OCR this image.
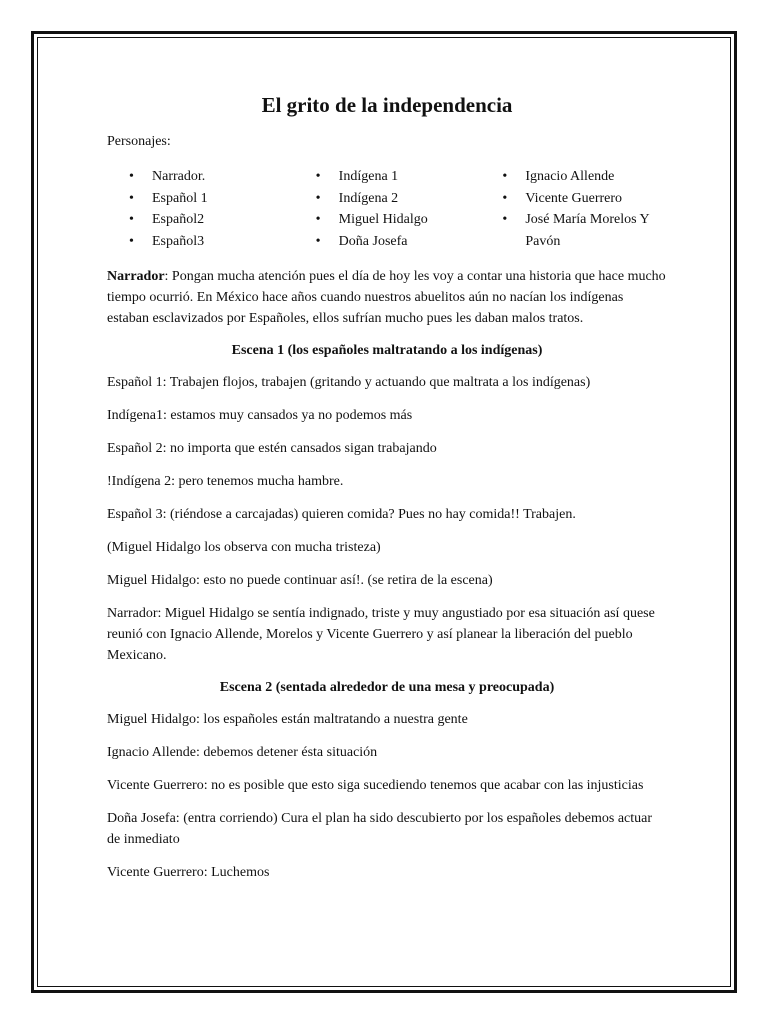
El grito de la independencia

Personajes:

• Narrador.
• Español 1
• Español2
• Español3
• Indígena 1
• Indígena 2
• Miguel Hidalgo
• Doña Josefa
• Ignacio Allende
• Vicente Guerrero
• José María Morelos Y Pavón

Narrador: Pongan mucha atención pues el día de hoy les voy a contar una historia que hace mucho tiempo ocurrió. En México hace años cuando nuestros abuelitos aún no nacían los indígenas estaban esclavizados por Españoles, ellos sufrían mucho pues les daban malos tratos.

Escena 1 (los españoles maltratando a los indígenas)

Español 1: Trabajen flojos, trabajen (gritando y actuando que maltrata a los indígenas)

Indígena1: estamos muy cansados ya no podemos más

Español 2: no importa que estén cansados sigan trabajando

!Indígena 2: pero tenemos mucha hambre.

Español 3: (riéndose a carcajadas) quieren comida? Pues no hay comida!! Trabajen.

(Miguel Hidalgo los observa con mucha tristeza)

Miguel Hidalgo: esto no puede continuar así!. (se retira de la escena)

Narrador: Miguel Hidalgo se sentía indignado, triste y muy angustiado por esa situación así quese reunió con Ignacio Allende, Morelos y Vicente Guerrero y así planear la liberación del pueblo Mexicano.

Escena 2 (sentada alrededor de una mesa y preocupada)

Miguel Hidalgo: los españoles están maltratando a nuestra gente

Ignacio Allende: debemos detener ésta situación

Vicente Guerrero: no es posible que esto siga sucediendo tenemos que acabar con las injusticias

Doña Josefa: (entra corriendo) Cura el plan ha sido descubierto por los españoles debemos actuar de inmediato

Vicente Guerrero: Luchemos
